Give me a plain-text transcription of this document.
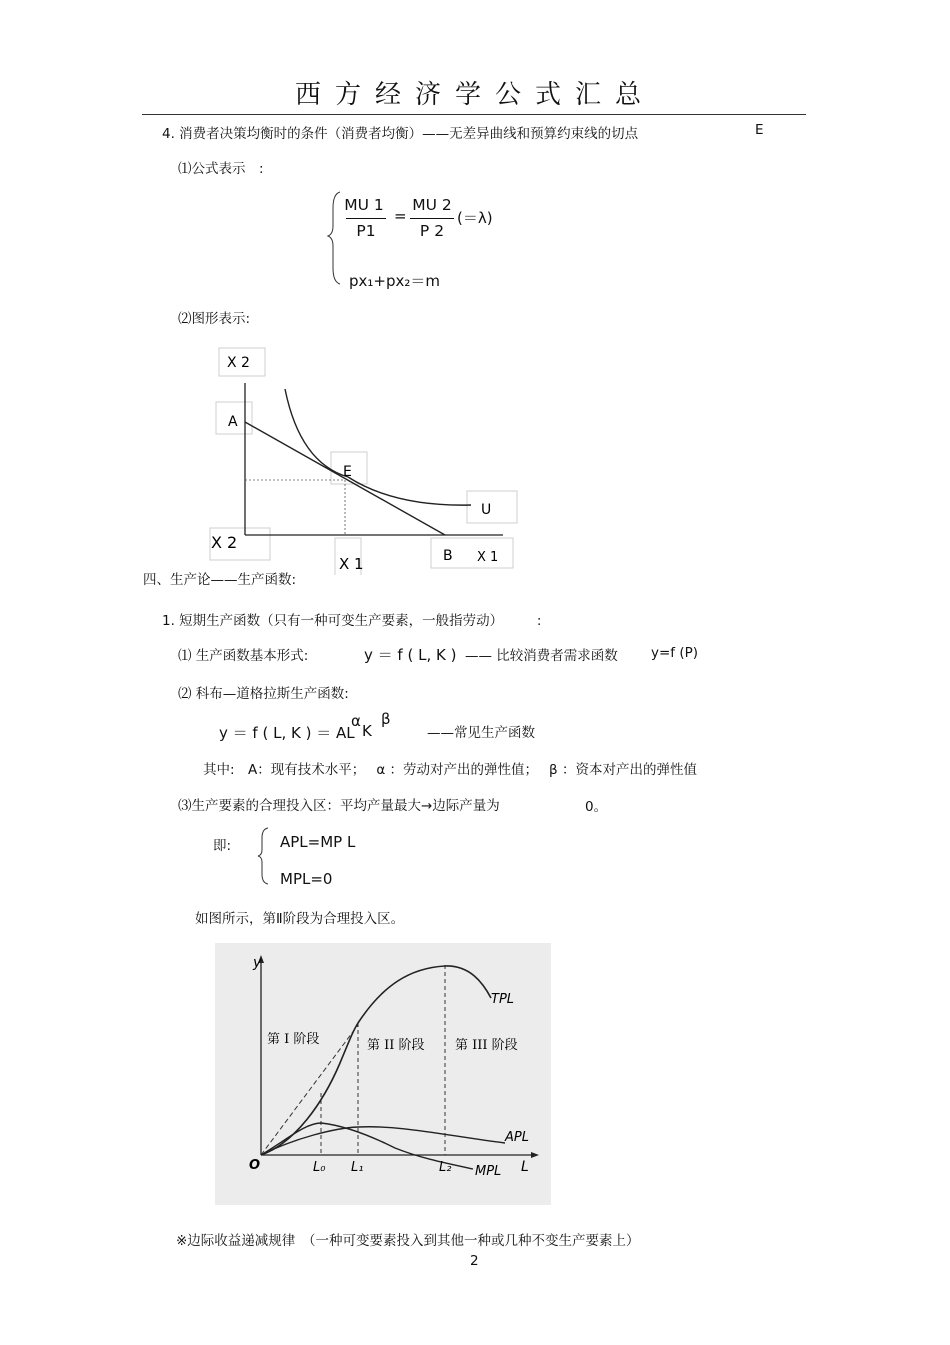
西方经济学公式汇总
4. 消费者决策均衡时的条件（消费者均衡）——无差异曲线和预算约束线的切点	E
⑴公式表示　:
MU 1
P1
=
MU 2
P 2
(＝λ)
px₁+px₂＝m
⑵图形表示:
X 2
A
E
U
X 2
X 1	B X 1
四、生产论——生产函数:
1. 短期生产函数（只有一种可变生产要素，一般指劳动）　　　:
⑴ 生产函数基本形式:	y ＝ f ( L, K ) —— 比较消费者需求函数 y=f (P)
⑵ 科布—道格拉斯生产函数:
y ＝ f ( L, K ) ＝ AL
α
K
β
——常见生产函数
其中:　A：现有技术水平；　 α ：劳动对产出的弹性值；　 β ：资本对产出的弹性值
⑶生产要素的合理投入区：平均产量最大→边际产量为	0。
即:	APL=MP L
MPL=0
如图所示，第Ⅱ阶段为合理投入区。
y
O	L
L₀ L₁	L₂
TPL
APL
MPL
第 I 阶段	第 II 阶段 第 III 阶段
※边际收益递减规律　（一种可变要素投入到其他一种或几种不变生产要素上）
2
